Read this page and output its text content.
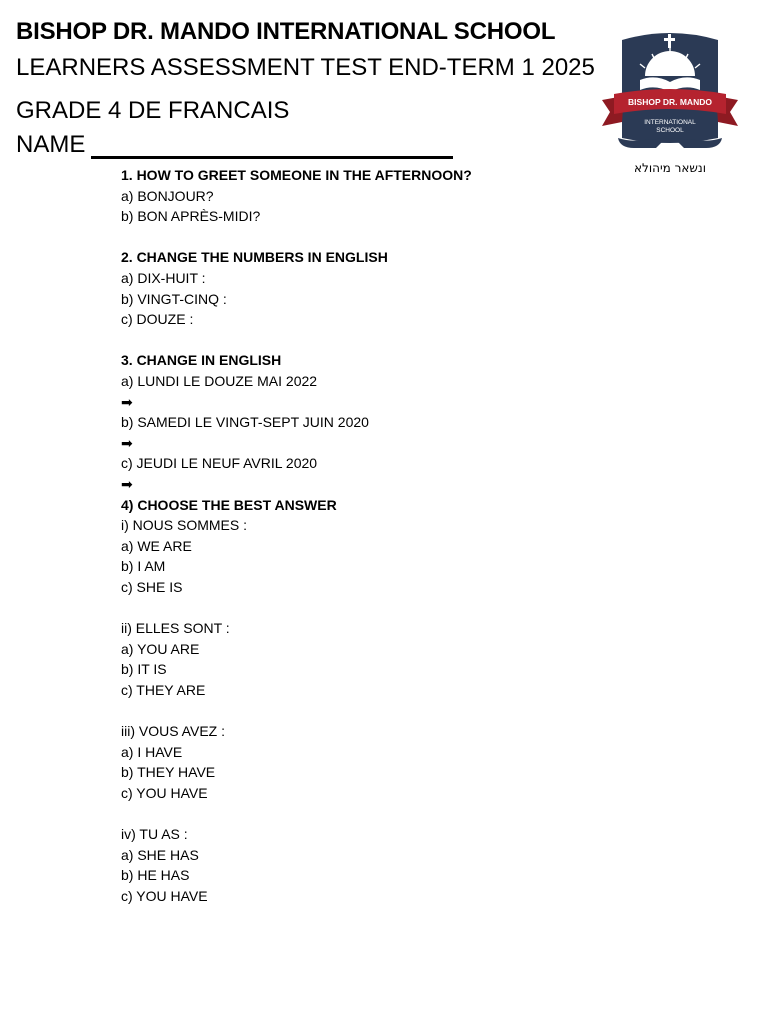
BISHOP DR. MANDO INTERNATIONAL SCHOOL
LEARNERS ASSESSMENT TEST END-TERM 1 2025
GRADE 4 DE FRANCAIS
NAME
BISHOP DR. MANDO
INTERNATIONAL
SCHOOL
ונשאר מיהולא
1. HOW TO GREET SOMEONE IN THE AFTERNOON?
a) BONJOUR?
b) BON APRÈS-MIDI?
2. CHANGE THE NUMBERS IN ENGLISH
a) DIX-HUIT :
b) VINGT-CINQ :
c) DOUZE :
3. CHANGE IN ENGLISH
a) LUNDI LE DOUZE MAI 2022
➡
b) SAMEDI LE VINGT-SEPT JUIN 2020
➡
c) JEUDI LE NEUF AVRIL 2020
➡
4) CHOOSE THE BEST ANSWER
i) NOUS SOMMES :
a) WE ARE
b) I AM
c) SHE IS
ii) ELLES SONT :
a) YOU ARE
b) IT IS
c) THEY ARE
iii) VOUS AVEZ :
a) I HAVE
b) THEY HAVE
c) YOU HAVE
iv) TU AS :
a) SHE HAS
b) HE HAS
c) YOU HAVE
